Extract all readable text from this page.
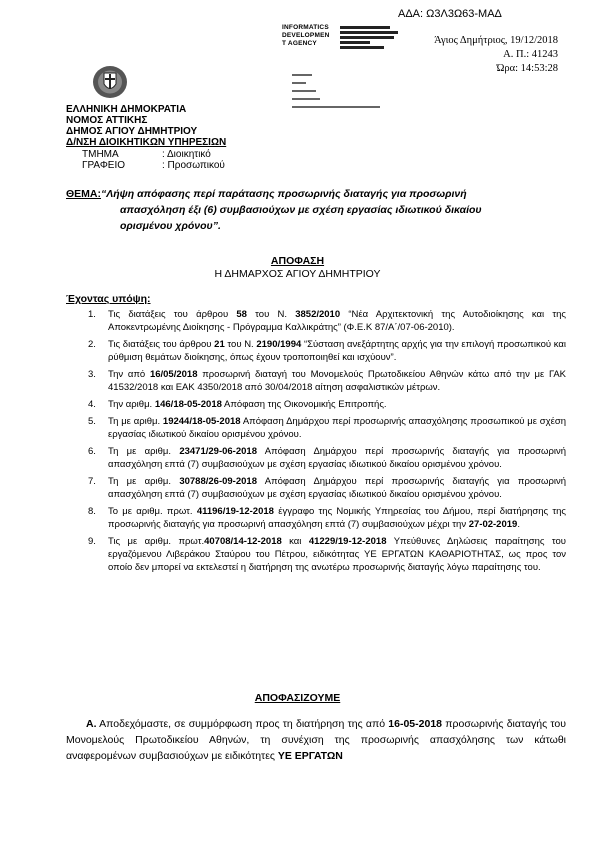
ΑΔΑ: Ω3Λ3Ω63-ΜΑΔ
INFORMATICS
DEVELOPMEN
T AGENCY	Άγιος Δημήτριος, 19/12/2018
Α. Π.: 41243
Ώρα: 14:53:28
ΕΛΛΗΝΙΚΗ ΔΗΜΟΚΡΑΤΙΑ
ΝΟΜΟΣ ΑΤΤΙΚΗΣ
ΔΗΜΟΣ ΑΓΙΟΥ ΔΗΜΗΤΡΙΟΥ
Δ/ΝΣΗ ΔΙΟΙΚΗΤΙΚΩΝ ΥΠΗΡΕΣΙΩΝ
ΤΜΗΜΑ	: Διοικητικό
ΓΡΑΦΕΙΟ	: Προσωπικού
ΘΕΜΑ:“Λήψη απόφασης περί παράτασης προσωρινής διαταγής για προσωρινή
απασχόληση έξι (6) συμβασιούχων με σχέση εργασίας ιδιωτικού δικαίου
ορισμένου χρόνου”.
ΑΠΟΦΑΣΗ
Η ΔΗΜΑΡΧΟΣ ΑΓΙΟΥ ΔΗΜΗΤΡΙΟΥ
Έχοντας υπόψη:
1. Τις διατάξεις του άρθρου 58 του Ν. 3852/2010 “Νέα Αρχιτεκτονική της Αυτοδιοίκησης και της Αποκεντρωμένης Διοίκησης - Πρόγραμμα Καλλικράτης” (Φ.Ε.Κ 87/Α΄/07-06-2010).
2. Τις διατάξεις του άρθρου 21 του Ν. 2190/1994 “Σύσταση ανεξάρτητης αρχής για την επιλογή προσωπικού και ρύθμιση θεμάτων διοίκησης, όπως έχουν τροποποιηθεί και ισχύουν”.
3. Την από 16/05/2018 προσωρινή διαταγή του Μονομελούς Πρωτοδικείου Αθηνών κάτω από την με ΓΑΚ 41532/2018 και ΕΑΚ 4350/2018 από 30/04/2018 αίτηση ασφαλιστικών μέτρων.
4. Την αριθμ. 146/18-05-2018 Απόφαση της Οικονομικής Επιτροπής.
5. Τη με αριθμ. 19244/18-05-2018 Απόφαση Δημάρχου περί προσωρινής απασχόλησης προσωπικού με σχέση εργασίας ιδιωτικού δικαίου ορισμένου χρόνου.
6. Τη με αριθμ. 23471/29-06-2018 Απόφαση Δημάρχου περί προσωρινής διαταγής για προσωρινή απασχόληση επτά (7) συμβασιούχων με σχέση εργασίας ιδιωτικού δικαίου ορισμένου χρόνου.
7. Τη με αριθμ. 30788/26-09-2018 Απόφαση Δημάρχου περί προσωρινής διαταγής για προσωρινή απασχόληση επτά (7) συμβασιούχων με σχέση εργασίας ιδιωτικού δικαίου ορισμένου χρόνου.
8. Το με αριθμ. πρωτ. 41196/19-12-2018 έγγραφο της Νομικής Υπηρεσίας του Δήμου, περί διατήρησης της προσωρινής διαταγής για προσωρινή απασχόληση επτά (7) συμβασιούχων μέχρι την 27-02-2019.
9. Τις με αριθμ. πρωτ.40708/14-12-2018 και 41229/19-12-2018 Υπεύθυνες Δηλώσεις παραίτησης του εργαζόμενου Λιβεράκου Σταύρου του Πέτρου, ειδικότητας ΥΕ ΕΡΓΑΤΩΝ ΚΑΘΑΡΙΟΤΗΤΑΣ, ως προς τον οποίο δεν μπορεί να εκτελεστεί η διατήρηση της ανωτέρω προσωρινής διαταγής λόγω παραίτησης του.
ΑΠΟΦΑΣΙΖΟΥΜΕ
Α. Αποδεχόμαστε, σε συμμόρφωση προς τη διατήρηση της από 16-05-2018 προσωρινής διαταγής του Μονομελούς Πρωτοδικείου Αθηνών, τη συνέχιση της προσωρινής απασχόλησης των κάτωθι αναφερομένων συμβασιούχων με ειδικότητες ΥΕ ΕΡΓΑΤΩΝ
